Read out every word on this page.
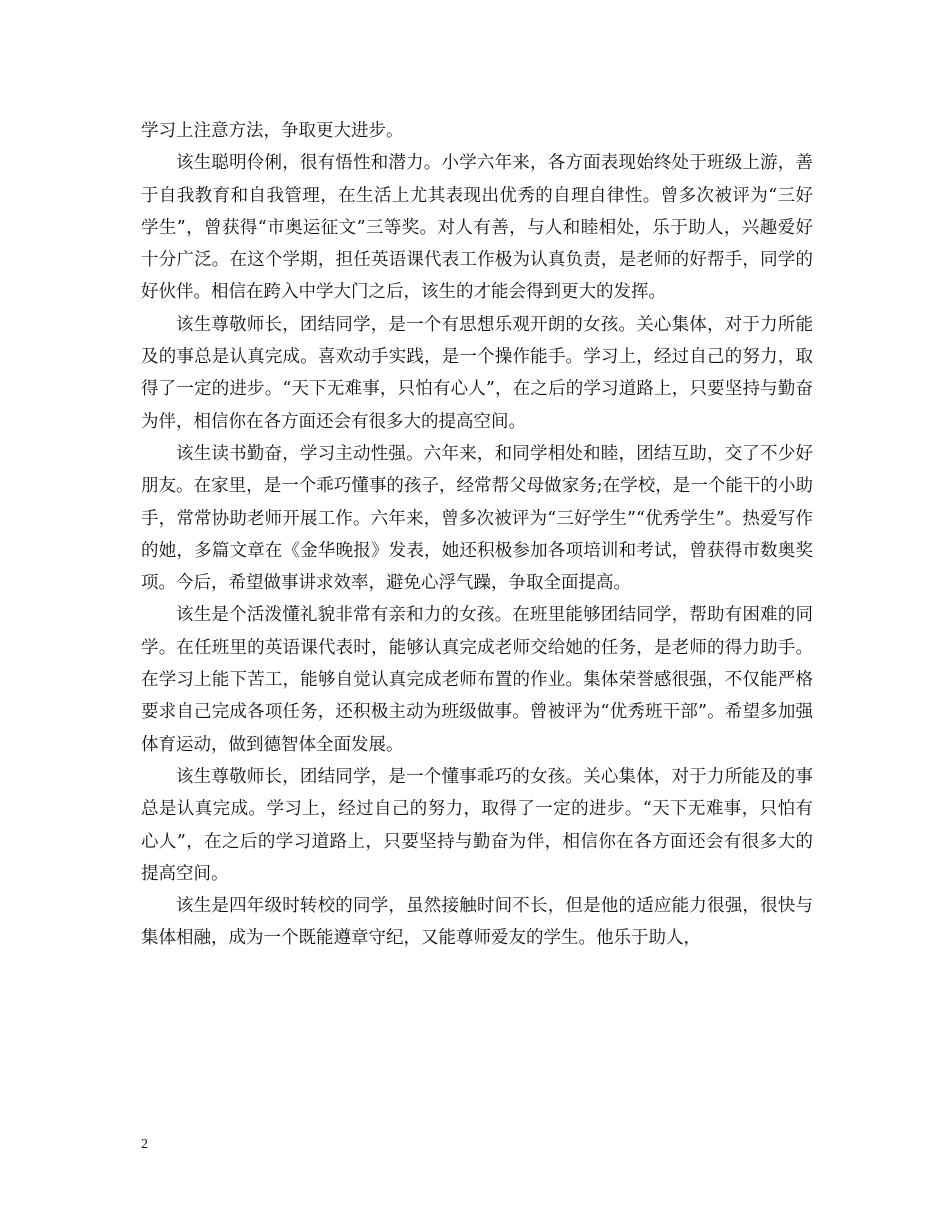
学习上注意方法，争取更大进步。

该生聪明伶俐，很有悟性和潜力。小学六年来，各方面表现始终处于班级上游，善于自我教育和自我管理，在生活上尤其表现出优秀的自理自律性。曾多次被评为“三好学生”，曾获得“市奥运征文”三等奖。对人有善，与人和睦相处，乐于助人，兴趣爱好十分广泛。在这个学期，担任英语课代表工作极为认真负责，是老师的好帮手，同学的好伙伴。相信在跨入中学大门之后，该生的才能会得到更大的发挥。

该生尊敬师长，团结同学，是一个有思想乐观开朗的女孩。关心集体，对于力所能及的事总是认真完成。喜欢动手实践，是一个操作能手。学习上，经过自己的努力，取得了一定的进步。“天下无难事，只怕有心人”，在之后的学习道路上，只要坚持与勤奋为伴，相信你在各方面还会有很多大的提高空间。

该生读书勤奋，学习主动性强。六年来，和同学相处和睦，团结互助，交了不少好朋友。在家里，是一个乖巧懂事的孩子，经常帮父母做家务;在学校，是一个能干的小助手，常常协助老师开展工作。六年来，曾多次被评为“三好学生”“优秀学生”。热爱写作的她，多篇文章在《金华晚报》发表，她还积极参加各项培训和考试，曾获得市数奥奖项。今后，希望做事讲求效率，避免心浮气躁，争取全面提高。

该生是个活泼懂礼貌非常有亲和力的女孩。在班里能够团结同学，帮助有困难的同学。在任班里的英语课代表时，能够认真完成老师交给她的任务，是老师的得力助手。在学习上能下苦工，能够自觉认真完成老师布置的作业。集体荣誉感很强，不仅能严格要求自己完成各项任务，还积极主动为班级做事。曾被评为“优秀班干部”。希望多加强体育运动，做到德智体全面发展。

该生尊敬师长，团结同学，是一个懂事乖巧的女孩。关心集体，对于力所能及的事总是认真完成。学习上，经过自己的努力，取得了一定的进步。“天下无难事，只怕有心人”，在之后的学习道路上，只要坚持与勤奋为伴，相信你在各方面还会有很多大的提高空间。

该生是四年级时转校的同学，虽然接触时间不长，但是他的适应能力很强，很快与集体相融，成为一个既能遵章守纪，又能尊师爱友的学生。他乐于助人，

2
